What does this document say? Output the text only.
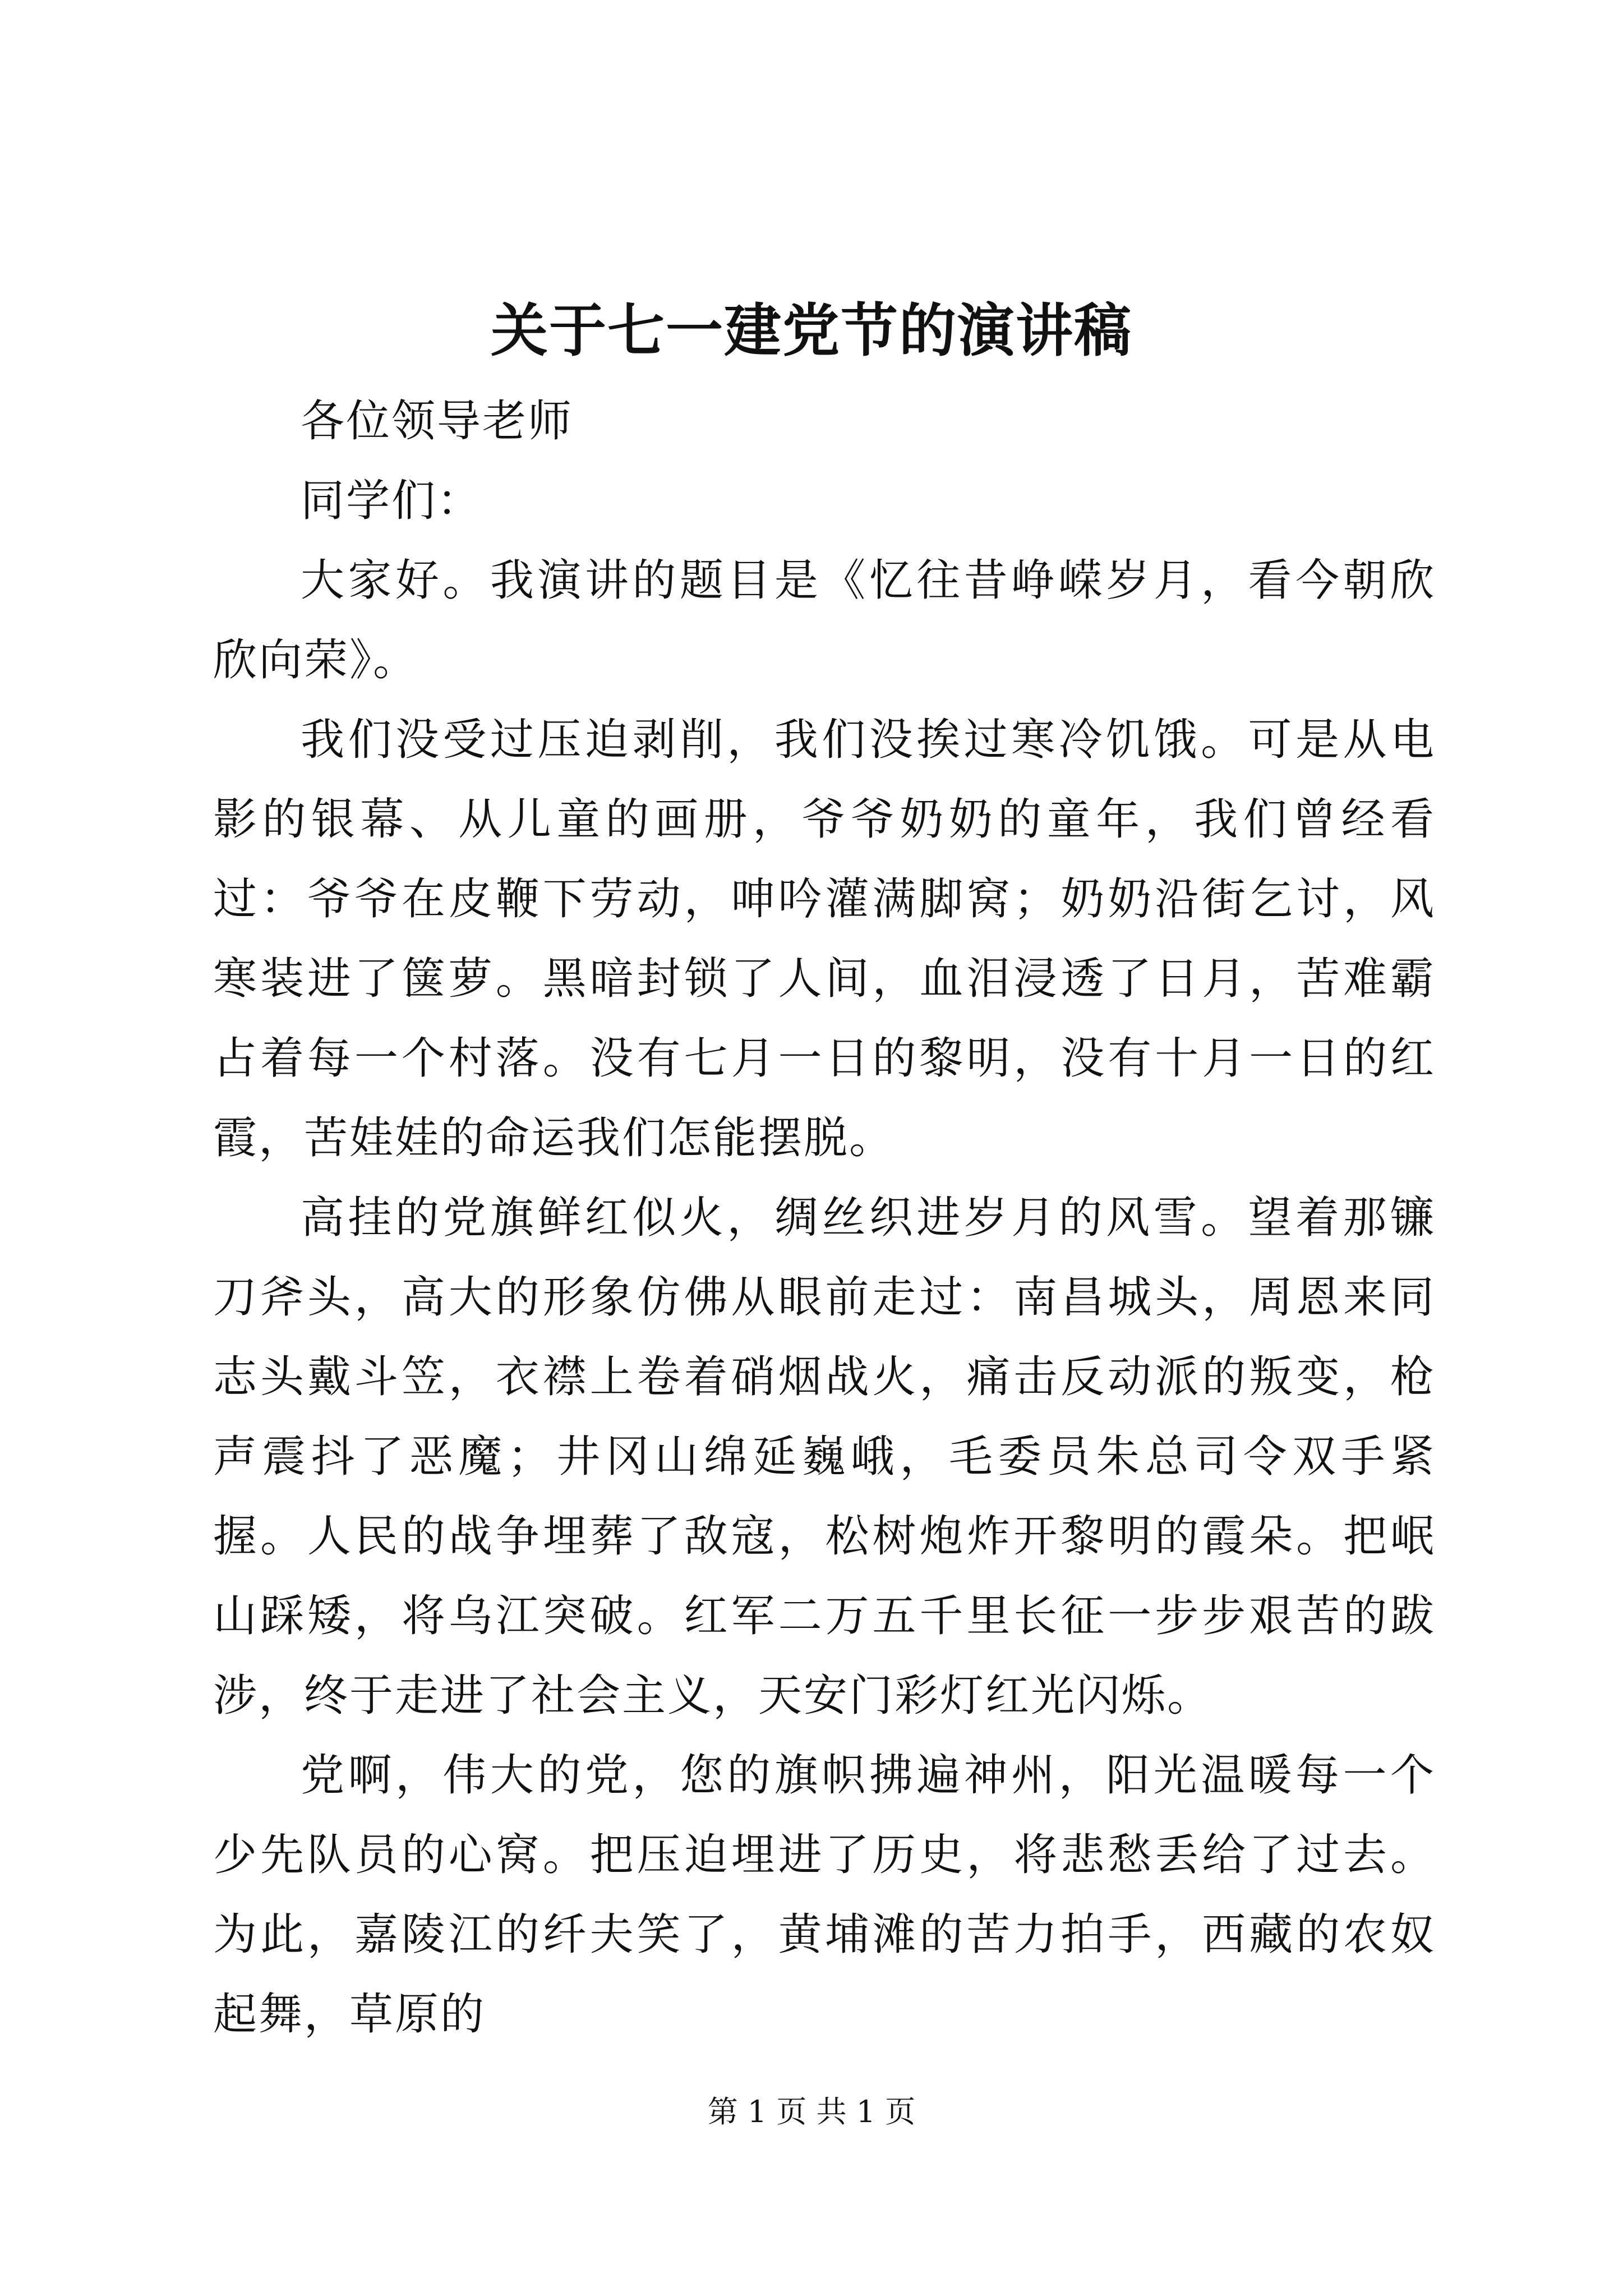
关于七一建党节的演讲稿

各位领导老师

同学们：

大家好。我演讲的题目是《忆往昔峥嵘岁月，看今朝欣欣向荣》。

我们没受过压迫剥削，我们没挨过寒冷饥饿。可是从电影的银幕、从儿童的画册，爷爷奶奶的童年，我们曾经看过：爷爷在皮鞭下劳动，呻吟灌满脚窝；奶奶沿街乞讨，风寒装进了箧萝。黑暗封锁了人间，血泪浸透了日月，苦难霸占着每一个村落。没有七月一日的黎明，没有十月一日的红霞，苦娃娃的命运我们怎能摆脱。

高挂的党旗鲜红似火，绸丝织进岁月的风雪。望着那镰刀斧头，高大的形象仿佛从眼前走过：南昌城头，周恩来同志头戴斗笠，衣襟上卷着硝烟战火，痛击反动派的叛变，枪声震抖了恶魔；井冈山绵延巍峨，毛委员朱总司令双手紧握。人民的战争埋葬了敌寇，松树炮炸开黎明的霞朵。把岷山踩矮，将乌江突破。红军二万五千里长征一步步艰苦的跋涉，终于走进了社会主义，天安门彩灯红光闪烁。

党啊，伟大的党，您的旗帜拂遍神州，阳光温暖每一个少先队员的心窝。把压迫埋进了历史，将悲愁丢给了过去。为此，嘉陵江的纤夫笑了，黄埔滩的苦力拍手，西藏的农奴起舞，草原的

第 1 页 共 1 页
